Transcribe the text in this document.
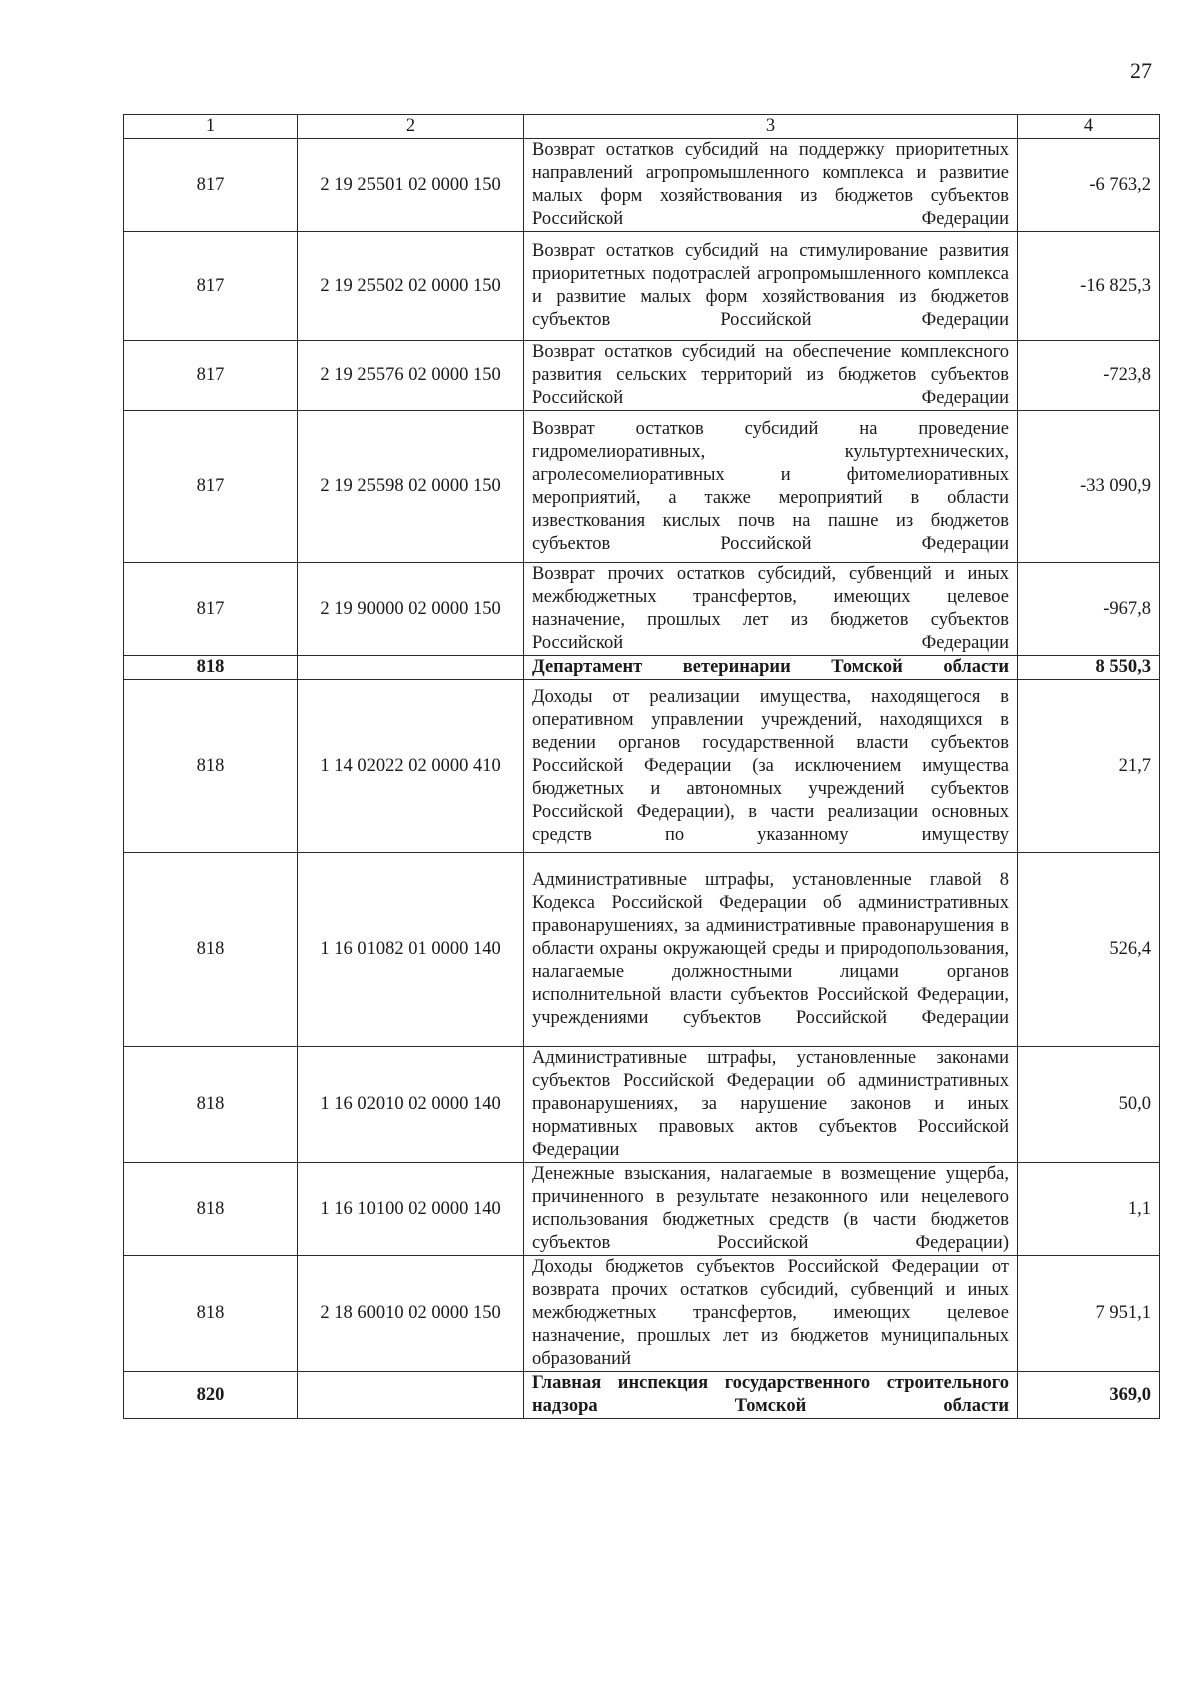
27
1	2	3	4
817	2 19 25501 02 0000 150	Возврат остатков субсидий на поддержку приоритетных направлений агропромышленного комплекса и развитие малых форм хозяйствования из бюджетов субъектов Российской Федерации	-6 763,2
817	2 19 25502 02 0000 150	Возврат остатков субсидий на стимулирование развития приоритетных подотраслей агропромышленного комплекса и развитие малых форм хозяйствования из бюджетов субъектов Российской Федерации	-16 825,3
817	2 19 25576 02 0000 150	Возврат остатков субсидий на обеспечение комплексного развития сельских территорий из бюджетов субъектов Российской Федерации	-723,8
817	2 19 25598 02 0000 150	Возврат остатков субсидий на проведение гидромелиоративных, культуртехнических, агролесомелиоративных и фитомелиоративных мероприятий, а также мероприятий в области известкования кислых почв на пашне из бюджетов субъектов Российской Федерации	-33 090,9
817	2 19 90000 02 0000 150	Возврат прочих остатков субсидий, субвенций и иных межбюджетных трансфертов, имеющих целевое назначение, прошлых лет из бюджетов субъектов Российской Федерации	-967,8
818		Департамент ветеринарии Томской области	8 550,3
818	1 14 02022 02 0000 410	Доходы от реализации имущества, находящегося в оперативном управлении учреждений, находящихся в ведении органов государственной власти субъектов Российской Федерации (за исключением имущества бюджетных и автономных учреждений субъектов Российской Федерации), в части реализации основных средств по указанному имуществу	21,7
818	1 16 01082 01 0000 140	Административные штрафы, установленные главой 8 Кодекса Российской Федерации об административных правонарушениях, за административные правонарушения в области охраны окружающей среды и природопользования, налагаемые должностными лицами органов исполнительной власти субъектов Российской Федерации, учреждениями субъектов Российской Федерации	526,4
818	1 16 02010 02 0000 140	Административные штрафы, установленные законами субъектов Российской Федерации об административных правонарушениях, за нарушение законов и иных нормативных правовых актов субъектов Российской Федерации	50,0
818	1 16 10100 02 0000 140	Денежные взыскания, налагаемые в возмещение ущерба, причиненного в результате незаконного или нецелевого использования бюджетных средств (в части бюджетов субъектов Российской Федерации)	1,1
818	2 18 60010 02 0000 150	Доходы бюджетов субъектов Российской Федерации от возврата прочих остатков субсидий, субвенций и иных межбюджетных трансфертов, имеющих целевое назначение, прошлых лет из бюджетов муниципальных образований	7 951,1
820		Главная инспекция государственного строительного надзора Томской области	369,0
